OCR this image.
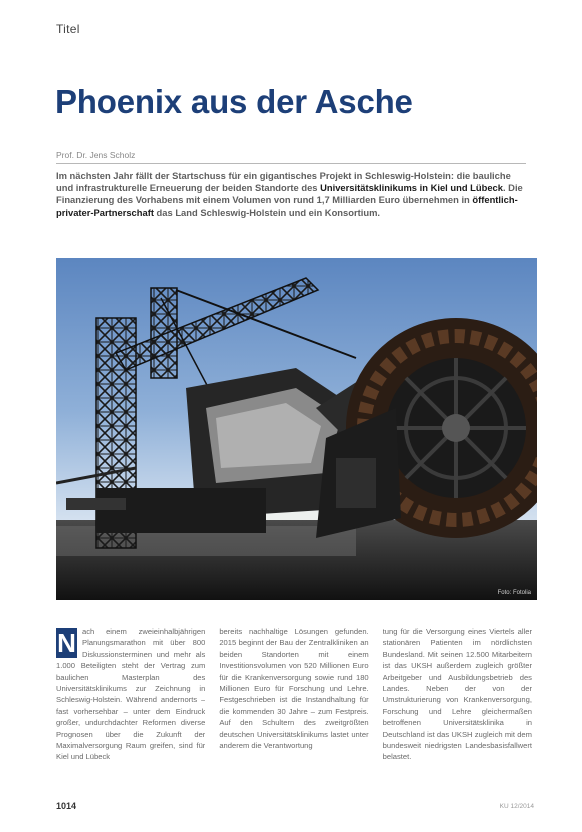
Titel
Phoenix aus der Asche
Prof. Dr. Jens Scholz
Im nächsten Jahr fällt der Startschuss für ein gigantisches Projekt in Schleswig-Holstein: die bauliche und infrastrukturelle Erneuerung der beiden Standorte des Universitätsklinikums in Kiel und Lübeck. Die Finanzierung des Vorhabens mit einem Volumen von rund 1,7 Milliarden Euro übernehmen in öffentlich-privater-Partnerschaft das Land Schleswig-Holstein und ein Konsortium.
Foto: Fotolia
N ach einem zweieinhalbjährigen Planungsmarathon mit über 800 Diskussionsterminen und mehr als 1.000 Beteiligten steht der Vertrag zum baulichen Masterplan des Universitätsklinikums zur Zeichnung in Schleswig-Holstein. Während andernorts – fast vorhersehbar – unter dem Eindruck großer, undurchdachter Reformen diverse Prognosen über die Zukunft der Maximalversorgung Raum greifen, sind für Kiel und Lübeck
bereits nachhaltige Lösungen gefunden. 2015 beginnt der Bau der Zentralkliniken an beiden Standorten mit einem Investitionsvolumen von 520 Millionen Euro für die Krankenversorgung sowie rund 180 Millionen Euro für Forschung und Lehre. Festgeschrieben ist die Instandhaltung für die kommenden 30 Jahre – zum Festpreis. Auf den Schultern des zweitgrößten deutschen Universitätsklinikums lastet unter anderem die Verantwortung
tung für die Versorgung eines Viertels aller stationären Patienten im nördlichsten Bundesland. Mit seinen 12.500 Mitarbeitern ist das UKSH außerdem zugleich größter Arbeitgeber und Ausbildungsbetrieb des Landes. Neben der von der Umstrukturierung von Krankenversorgung, Forschung und Lehre gleichermaßen betroffenen Universitätsklinika in Deutschland ist das UKSH zugleich mit dem bundesweit niedrigsten Landesbasisfallwert belastet.
1014	KU 12/2014
